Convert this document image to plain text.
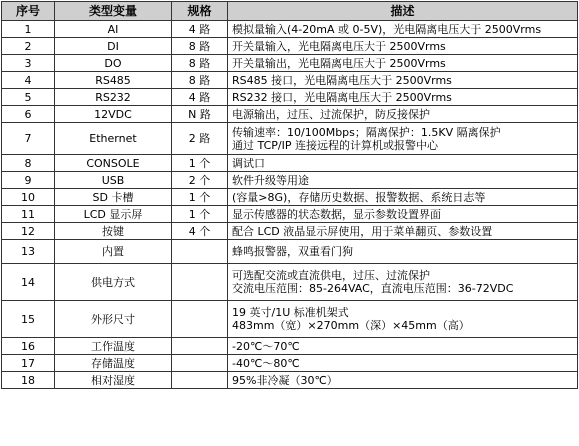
序号	类型变量	规格	描述
1	AI	4 路	模拟量输入(4-20mA 或 0-5V)，光电隔离电压大于 2500Vrms

2	DI	8 路	开关量输入，光电隔离电压大于 2500Vrms

3	DO	8 路	开关量输出，光电隔离电压大于 2500Vrms

4	RS485	8 路	RS485 接口，光电隔离电压大于 2500Vrms

5	RS232	4 路	RS232 接口，光电隔离电压大于 2500Vrms

6	12VDC	N 路	电源输出，过压、过流保护，防反接保护

7	Ethernet	2 路	传输速率：10/100Mbps；隔离保护：1.5KV 隔离保护
通过 TCP/IP 连接远程的计算机或报警中心

8	CONSOLE	1 个	调试口

9	USB	2 个	软件升级等用途

10	SD 卡槽	1 个	(容量>8G)，存储历史数据、报警数据、系统日志等

11	LCD 显示屏	1 个	显示传感器的状态数据，显示参数设置界面

12	按键	4 个	配合 LCD 液晶显示屏使用，用于菜单翻页、参数设置

13	内置		蜂鸣报警器，双重看门狗

14	供电方式		可选配交流或直流供电，过压、过流保护
交流电压范围：85-264VAC，直流电压范围：36-72VDC

15	外形尺寸		19 英寸/1U 标准机架式
483mm（宽）×270mm（深）×45mm（高）

16	工作温度		-20℃～70℃

17	存储温度		-40℃～80℃

18	相对湿度		95%非冷凝（30℃）
